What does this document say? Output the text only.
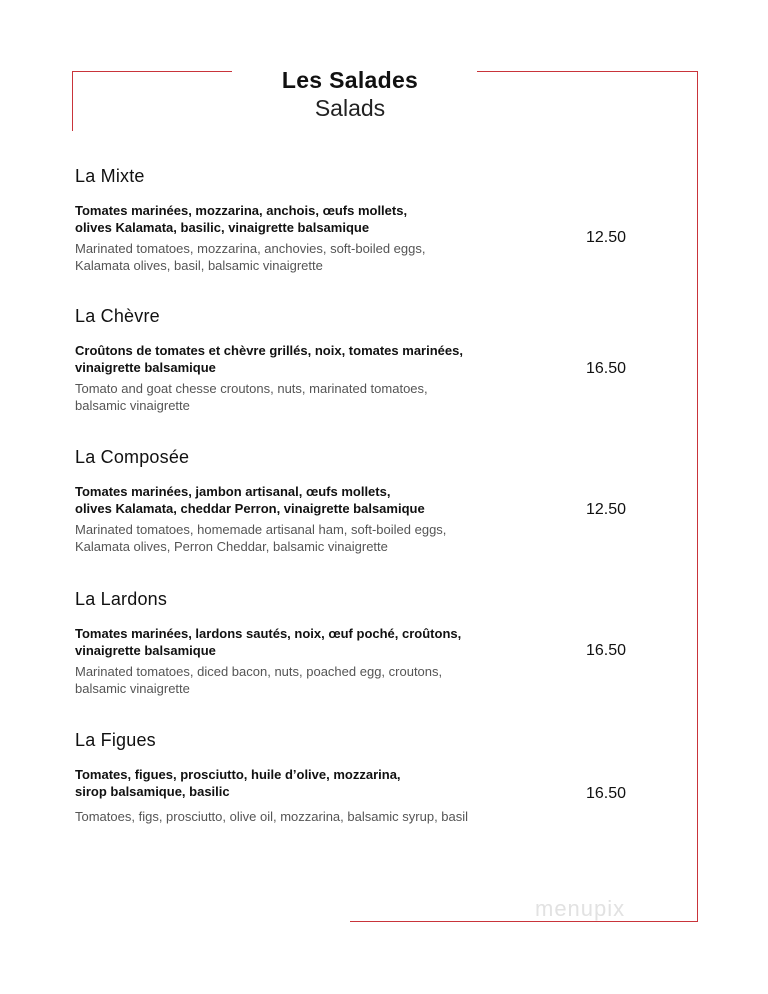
Les Salades
Salads
La Mixte
Tomates marinées, mozzarina, anchois, œufs mollets,
olives Kalamata, basilic, vinaigrette balsamique
Marinated tomatoes, mozzarina, anchovies, soft-boiled eggs,
Kalamata olives, basil, balsamic vinaigrette
12.50
La Chèvre
Croûtons de tomates et chèvre grillés, noix, tomates marinées,
vinaigrette balsamique
Tomato and goat chesse croutons, nuts, marinated tomatoes,
balsamic vinaigrette
16.50
La Composée
Tomates marinées, jambon artisanal, œufs mollets,
olives Kalamata, cheddar Perron, vinaigrette balsamique
Marinated tomatoes, homemade artisanal ham, soft-boiled eggs,
Kalamata olives, Perron Cheddar, balsamic vinaigrette
12.50
La Lardons
Tomates marinées, lardons sautés, noix, œuf poché, croûtons,
vinaigrette balsamique
Marinated tomatoes, diced bacon, nuts, poached egg, croutons,
balsamic vinaigrette
16.50
La Figues
Tomates, figues, prosciutto, huile d’olive, mozzarina,
sirop balsamique, basilic
Tomatoes, figs, prosciutto, olive oil, mozzarina, balsamic syrup, basil
16.50
menupix
